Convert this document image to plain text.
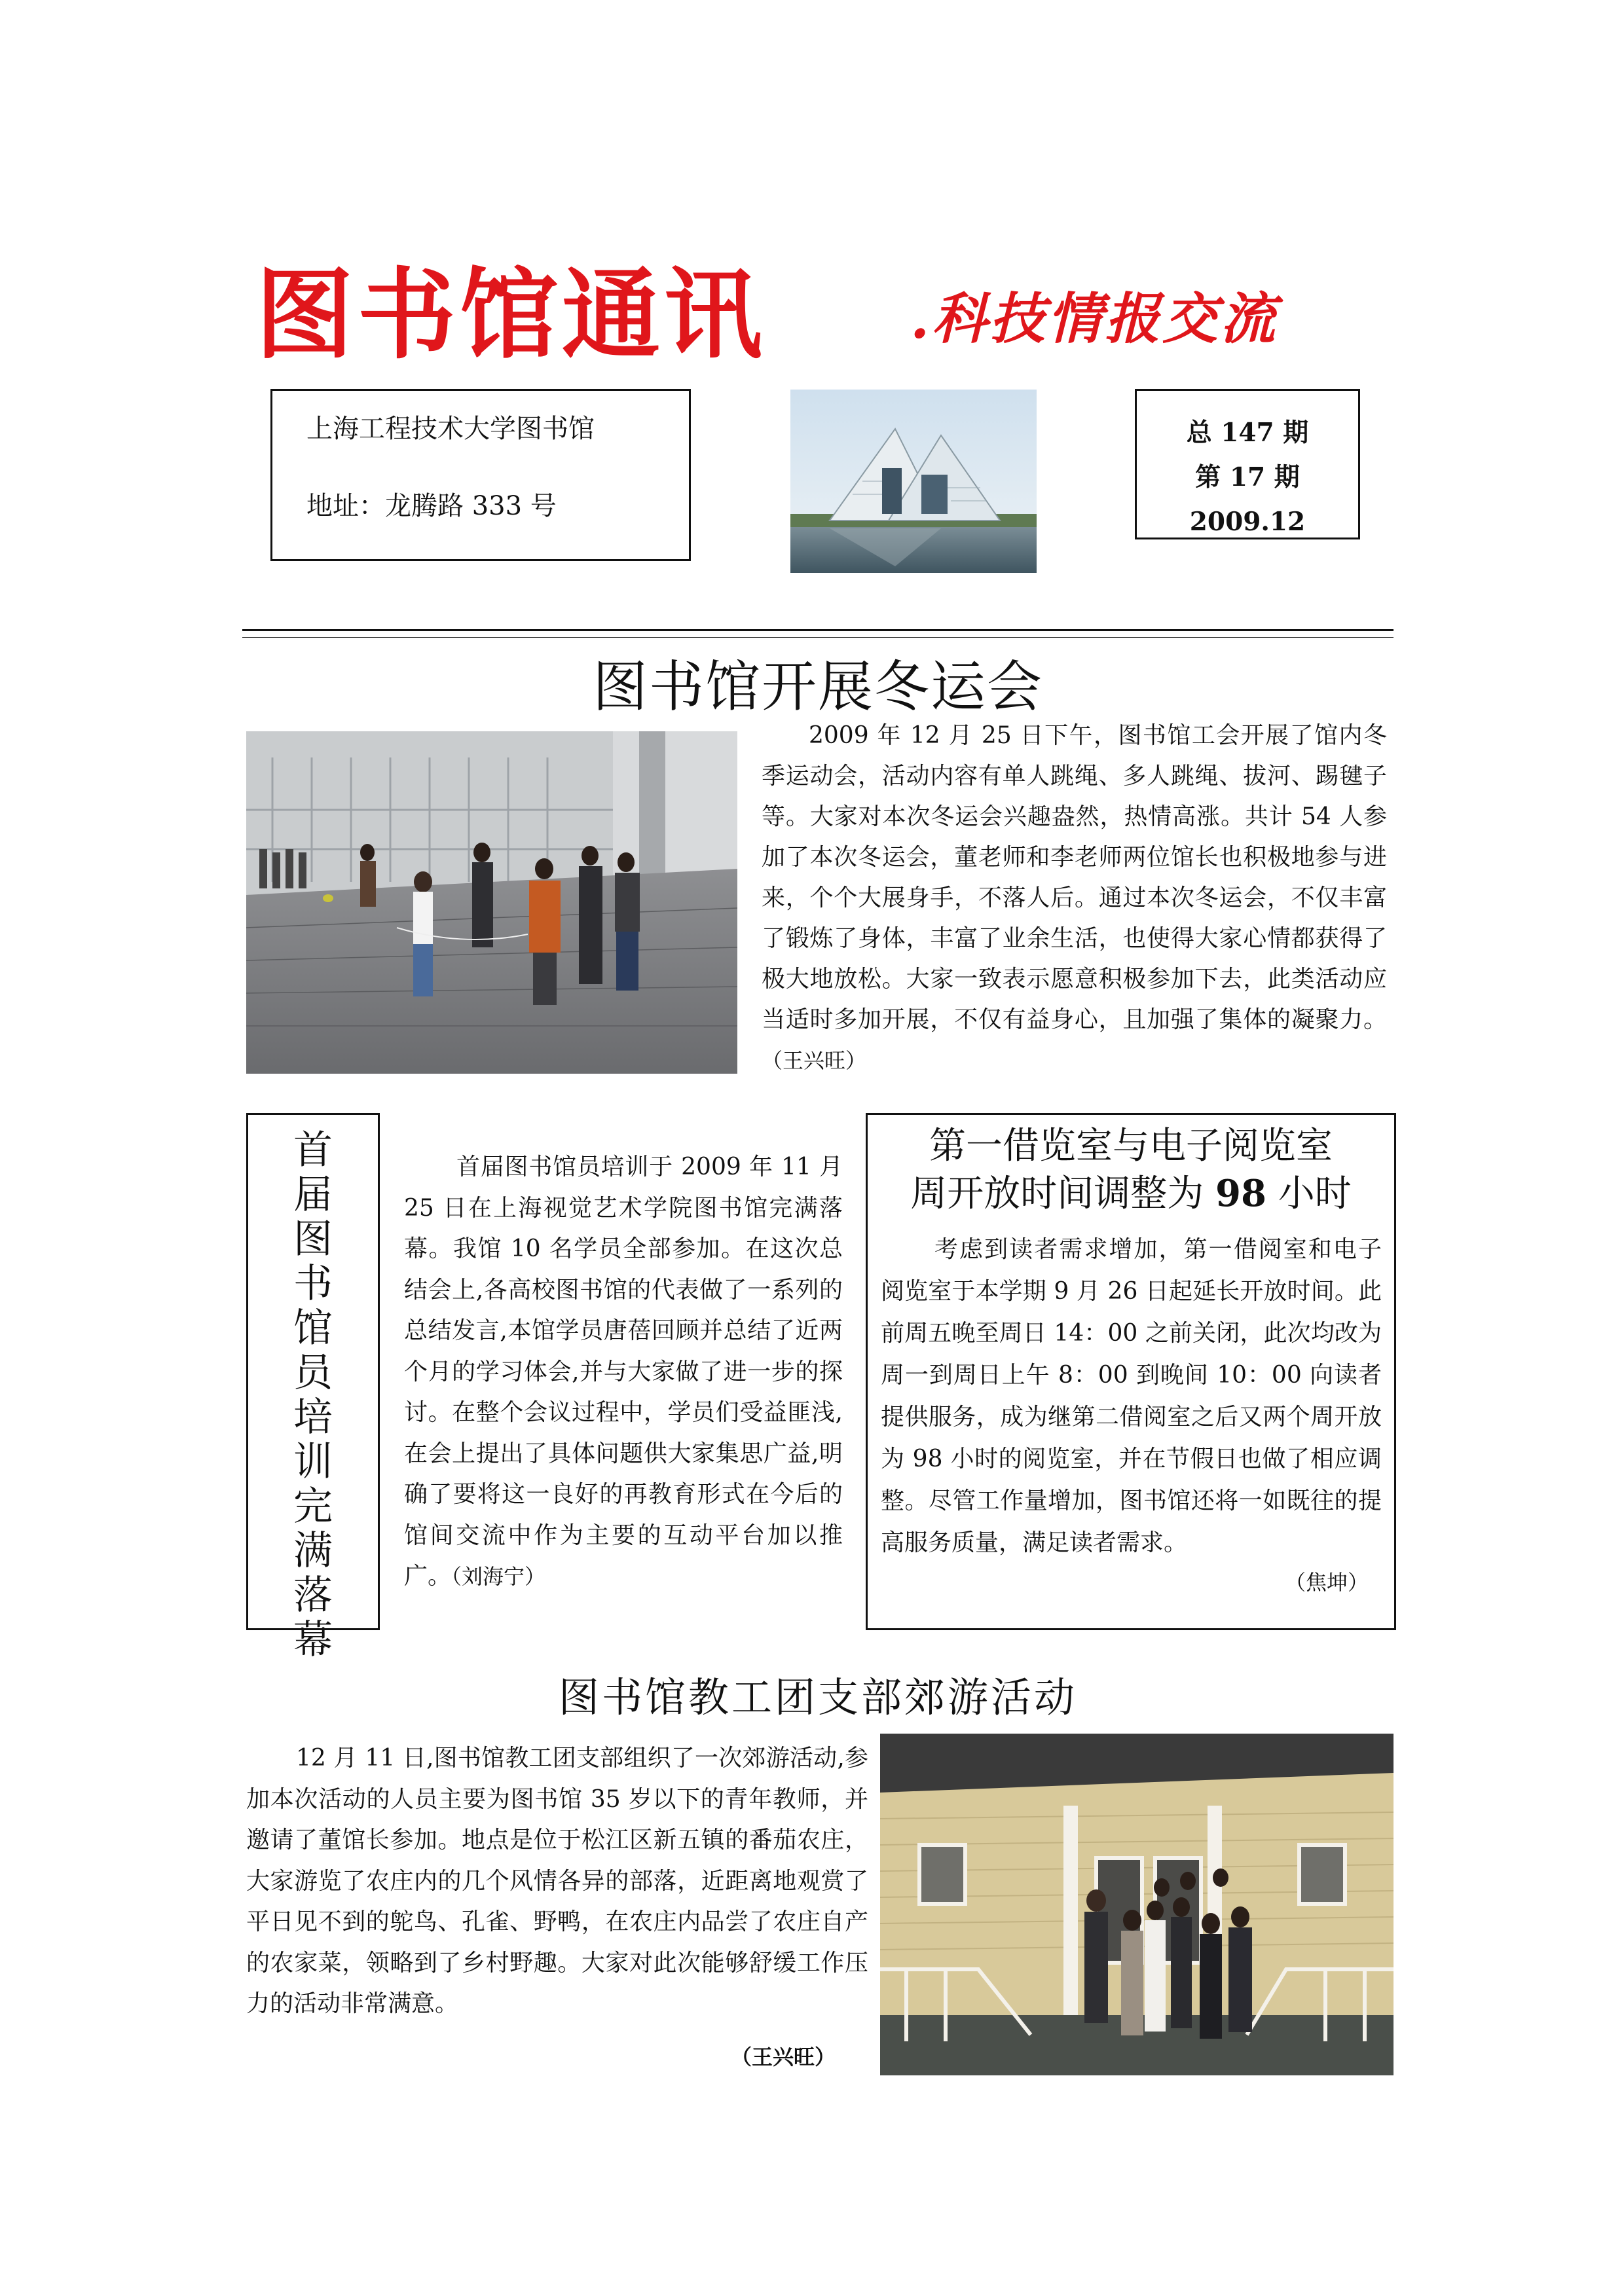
图书馆通讯	.科技情报交流
上海工程技术大学图书馆
地址：龙腾路 333 号
总 147 期
第 17 期
2009.12
图书馆开展冬运会
2009 年 12 月 25 日下午，图书馆工会开展了馆内冬季运动会，活动内容有单人跳绳、多人跳绳、拔河、踢毽子等。大家对本次冬运会兴趣盎然，热情高涨。共计 54 人参加了本次冬运会，董老师和李老师两位馆长也积极地参与进来，个个大展身手，不落人后。通过本次冬运会，不仅丰富了锻炼了身体，丰富了业余生活，也使得大家心情都获得了极大地放松。大家一致表示愿意积极参加下去，此类活动应当适时多加开展，不仅有益身心，且加强了集体的凝聚力。（王兴旺）
首届图书馆员培训完满落幕
首届图书馆员培训于 2009 年 11 月 25 日在上海视觉艺术学院图书馆完满落幕。我馆 10 名学员全部参加。在这次总结会上,各高校图书馆的代表做了一系列的总结发言,本馆学员唐蓓回顾并总结了近两个月的学习体会,并与大家做了进一步的探讨。在整个会议过程中，学员们受益匪浅,在会上提出了具体问题供大家集思广益,明确了要将这一良好的再教育形式在今后的馆间交流中作为主要的互动平台加以推广。（刘海宁）
第一借览室与电子阅览室
周开放时间调整为 98 小时
考虑到读者需求增加，第一借阅室和电子阅览室于本学期 9 月 26 日起延长开放时间。此前周五晚至周日 14：00 之前关闭，此次均改为周一到周日上午 8：00 到晚间 10：00 向读者提供服务，成为继第二借阅室之后又两个周开放为 98 小时的阅览室，并在节假日也做了相应调整。尽管工作量增加，图书馆还将一如既往的提高服务质量，满足读者需求。
（焦坤）
图书馆教工团支部郊游活动
12 月 11 日,图书馆教工团支部组织了一次郊游活动,参加本次活动的人员主要为图书馆 35 岁以下的青年教师，并邀请了董馆长参加。地点是位于松江区新五镇的番茄农庄，大家游览了农庄内的几个风情各异的部落，近距离地观赏了平日见不到的鸵鸟、孔雀、野鸭，在农庄内品尝了农庄自产的农家菜，领略到了乡村野趣。大家对此次能够舒缓工作压力的活动非常满意。
（王兴旺）
